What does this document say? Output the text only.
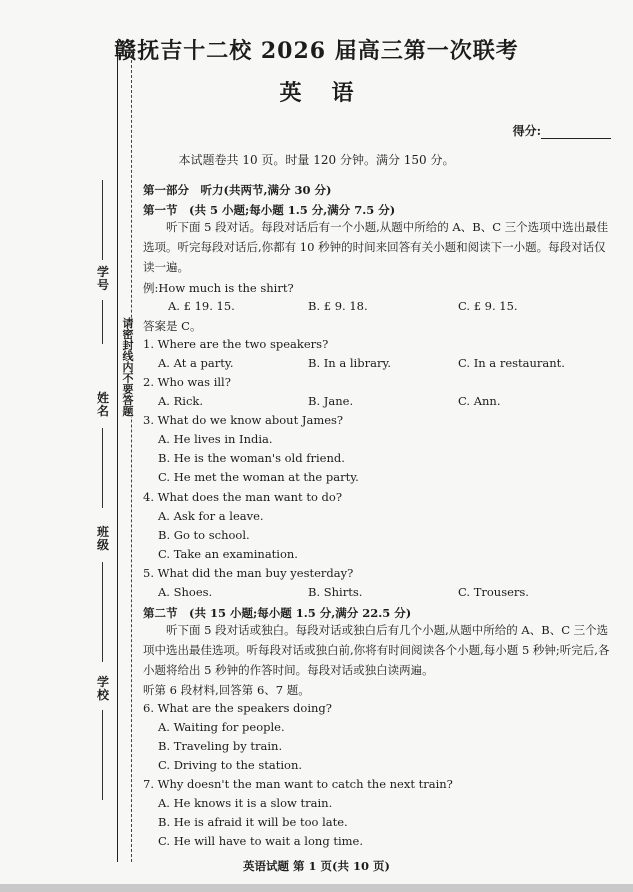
请密封线内不要答题
学号
姓名
班级
学校
赣抚吉十二校 2026 届高三第一次联考
英语
得分:
本试题卷共 10 页。时量 120 分钟。满分 150 分。
第一部分　听力(共两节,满分 30 分)
第一节　(共 5 小题;每小题 1.5 分,满分 7.5 分)
听下面 5 段对话。每段对话后有一个小题,从题中所给的 A、B、C 三个选项中选出最佳选项。听完每段对话后,你都有 10 秒钟的时间来回答有关小题和阅读下一小题。每段对话仅读一遍。
例:How much is the shirt?
A. £ 19. 15.	B. £ 9. 18.	C. £ 9. 15.
答案是 C。
1. Where are the two speakers?
A. At a party.	B. In a library.	C. In a restaurant.
2. Who was ill?
A. Rick.	B. Jane.	C. Ann.
3. What do we know about James?
A. He lives in India.
B. He is the woman's old friend.
C. He met the woman at the party.
4. What does the man want to do?
A. Ask for a leave.
B. Go to school.
C. Take an examination.
5. What did the man buy yesterday?
A. Shoes.	B. Shirts.	C. Trousers.
第二节　(共 15 小题;每小题 1.5 分,满分 22.5 分)
听下面 5 段对话或独白。每段对话或独白后有几个小题,从题中所给的 A、B、C 三个选项中选出最佳选项。听每段对话或独白前,你将有时间阅读各个小题,每小题 5 秒钟;听完后,各小题将给出 5 秒钟的作答时间。每段对话或独白读两遍。
听第 6 段材料,回答第 6、7 题。
6. What are the speakers doing?
A. Waiting for people.
B. Traveling by train.
C. Driving to the station.
7. Why doesn't the man want to catch the next train?
A. He knows it is a slow train.
B. He is afraid it will be too late.
C. He will have to wait a long time.
英语试题 第 1 页(共 10 页)
